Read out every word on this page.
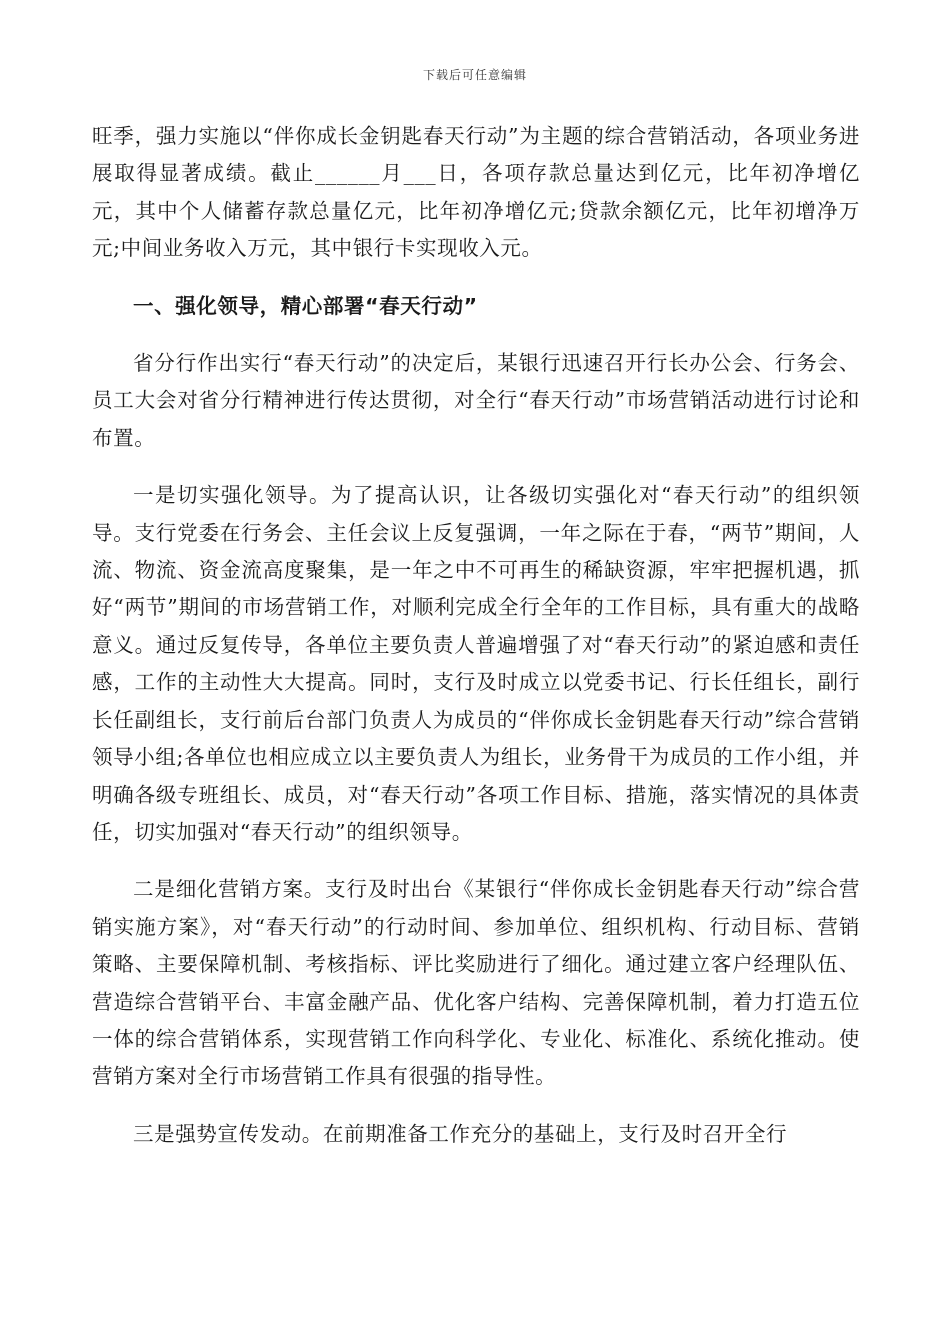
下载后可任意编辑

旺季，强力实施以“伴你成长金钥匙春天行动”为主题的综合营销活动，各项业务进展取得显著成绩。截止______月___日，各项存款总量达到亿元，比年初净增亿元，其中个人储蓄存款总量亿元，比年初净增亿元;贷款余额亿元，比年初增净万元;中间业务收入万元，其中银行卡实现收入元。

一、强化领导，精心部署“春天行动”

省分行作出实行“春天行动”的决定后，某银行迅速召开行长办公会、行务会、员工大会对省分行精神进行传达贯彻，对全行“春天行动”市场营销活动进行讨论和布置。

一是切实强化领导。为了提高认识，让各级切实强化对“春天行动”的组织领导。支行党委在行务会、主任会议上反复强调，一年之际在于春，“两节”期间，人流、物流、资金流高度聚集，是一年之中不可再生的稀缺资源，牢牢把握机遇，抓好“两节”期间的市场营销工作，对顺利完成全行全年的工作目标，具有重大的战略意义。通过反复传导，各单位主要负责人普遍增强了对“春天行动”的紧迫感和责任感，工作的主动性大大提高。同时，支行及时成立以党委书记、行长任组长，副行长任副组长，支行前后台部门负责人为成员的“伴你成长金钥匙春天行动”综合营销领导小组;各单位也相应成立以主要负责人为组长，业务骨干为成员的工作小组，并明确各级专班组长、成员，对“春天行动”各项工作目标、措施，落实情况的具体责任，切实加强对“春天行动”的组织领导。

二是细化营销方案。支行及时出台《某银行“伴你成长金钥匙春天行动”综合营销实施方案》，对“春天行动”的行动时间、参加单位、组织机构、行动目标、营销策略、主要保障机制、考核指标、评比奖励进行了细化。通过建立客户经理队伍、营造综合营销平台、丰富金融产品、优化客户结构、完善保障机制，着力打造五位一体的综合营销体系，实现营销工作向科学化、专业化、标准化、系统化推动。使营销方案对全行市场营销工作具有很强的指导性。

三是强势宣传发动。在前期准备工作充分的基础上，支行及时召开全行
